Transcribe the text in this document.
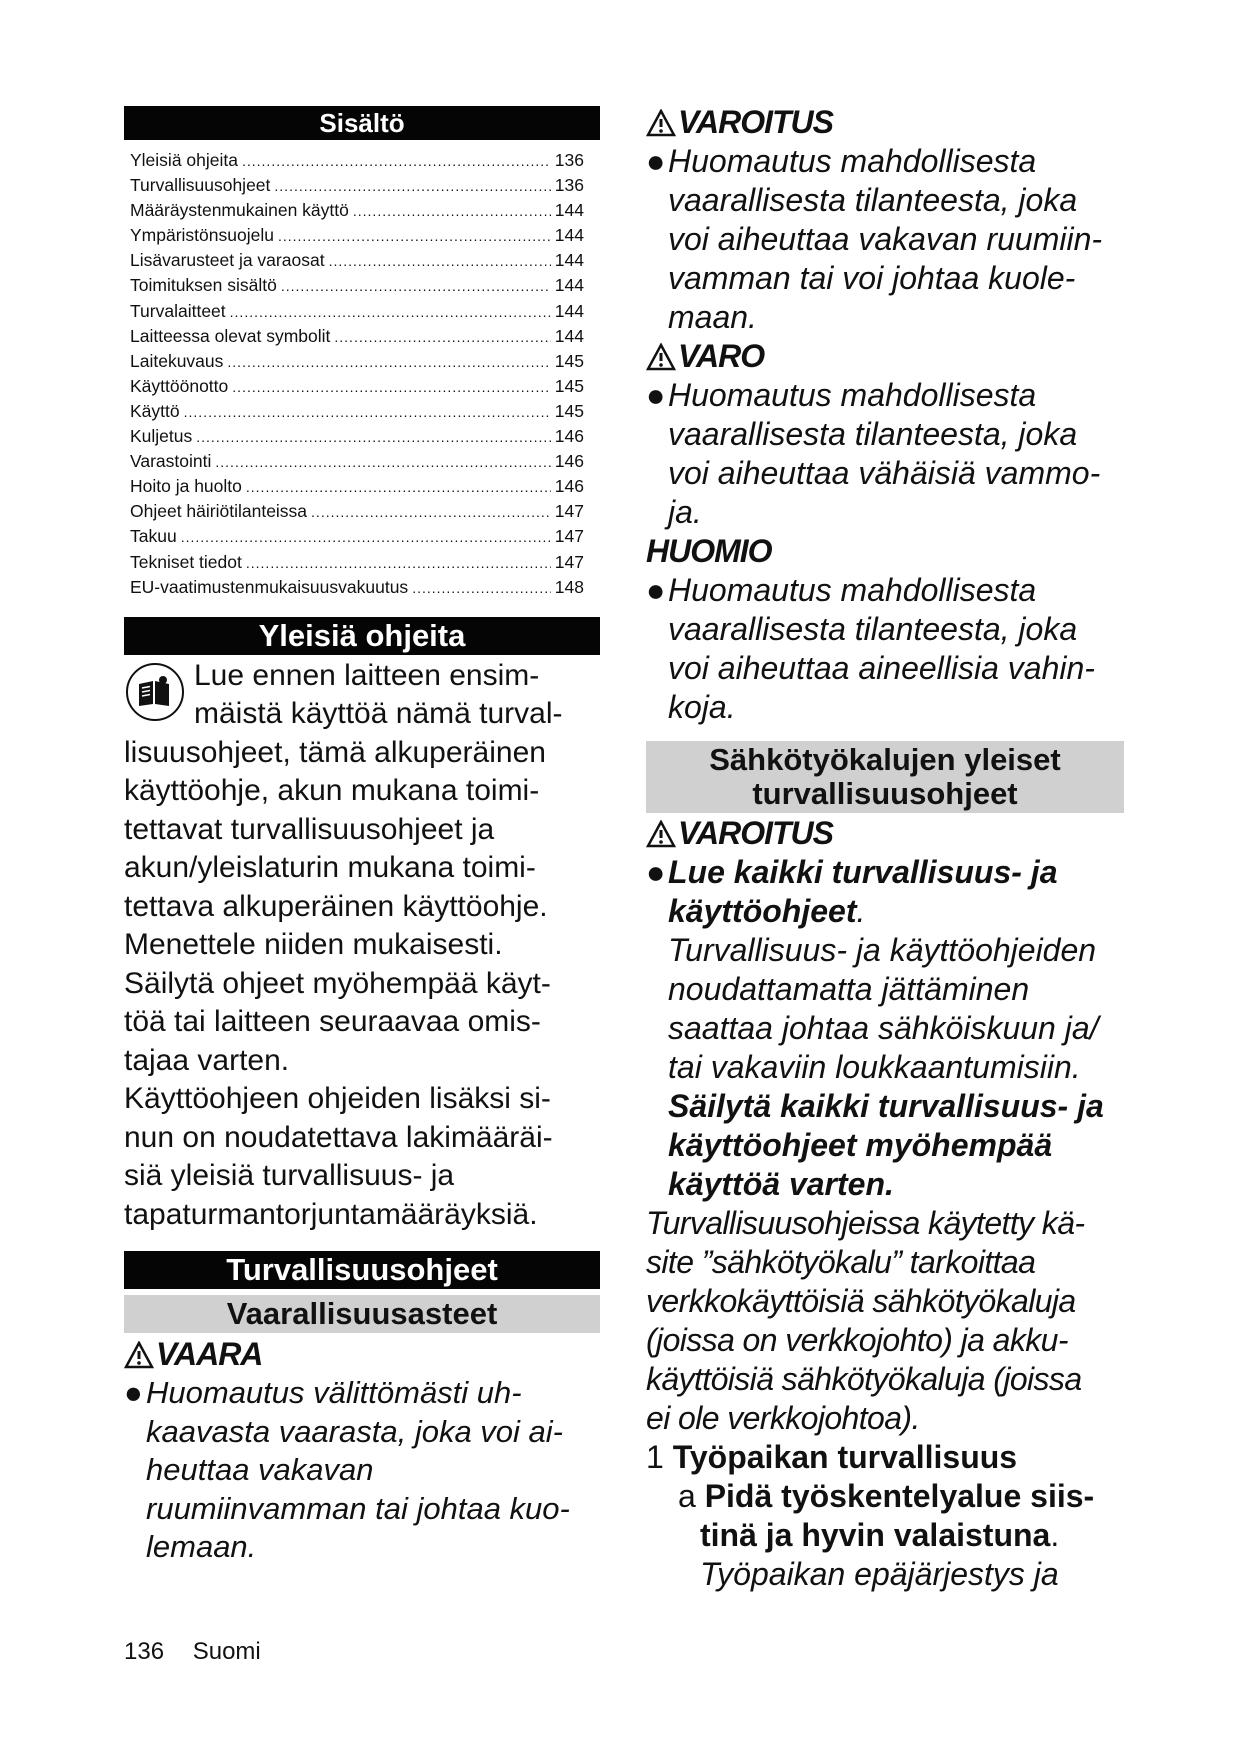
Sisältö
Yleisiä ohjeita .....	136
Turvallisuusohjeet .....	136
Määräystenmukainen käyttö .....	144
Ympäristönsuojelu .....	144
Lisävarusteet ja varaosat .....	144
Toimituksen sisältö .....	144
Turvalaitteet .....	144
Laitteessa olevat symbolit .....	144
Laitekuvaus .....	145
Käyttöönotto .....	145
Käyttö .....	145
Kuljetus .....	146
Varastointi .....	146
Hoito ja huolto .....	146
Ohjeet häiriötilanteissa .....	147
Takuu .....	147
Tekniset tiedot .....	147
EU-vaatimustenmukaisuusvakuutus .....	148
Yleisiä ohjeita
Lue ennen laitteen ensim-
mäistä käyttöä nämä turval-
lisuusohjeet, tämä alkuperäinen
käyttöohje, akun mukana toimi-
tettavat turvallisuusohjeet ja
akun/yleislaturin mukana toimi-
tettava alkuperäinen käyttöohje.
Menettele niiden mukaisesti.
Säilytä ohjeet myöhempää käyt-
töä tai laitteen seuraavaa omis-
tajaa varten.
Käyttöohjeen ohjeiden lisäksi si-
nun on noudatettava lakimääräi-
siä yleisiä turvallisuus- ja
tapaturmantorjuntamääräyksiä.
Turvallisuusohjeet
Vaarallisuusasteet
VAARA
● Huomautus välittömästi uh-
kaavasta vaarasta, joka voi ai-
heuttaa vakavan
ruumiinvamman tai johtaa kuo-
lemaan.
VAROITUS
● Huomautus mahdollisesta
vaarallisesta tilanteesta, joka
voi aiheuttaa vakavan ruumiin-
vamman tai voi johtaa kuole-
maan.
VARO
● Huomautus mahdollisesta
vaarallisesta tilanteesta, joka
voi aiheuttaa vähäisiä vammo-
ja.
HUOMIO
● Huomautus mahdollisesta
vaarallisesta tilanteesta, joka
voi aiheuttaa aineellisia vahin-
koja.
Sähkötyökalujen yleiset
turvallisuusohjeet
VAROITUS
● Lue kaikki turvallisuus- ja
käyttöohjeet.
Turvallisuus- ja käyttöohjeiden
noudattamatta jättäminen
saattaa johtaa sähköiskuun ja/
tai vakaviin loukkaantumisiin.
Säilytä kaikki turvallisuus- ja
käyttöohjeet myöhempää
käyttöä varten.
Turvallisuusohjeissa käytetty kä-
site ”sähkötyökalu” tarkoittaa
verkkokäyttöisiä sähkötyökaluja
(joissa on verkkojohto) ja akku-
käyttöisiä sähkötyökaluja (joissa
ei ole verkkojohtoa).
1 Työpaikan turvallisuus
a Pidä työskentelyalue siis-
tinä ja hyvin valaistuna.
Työpaikan epäjärjestys ja
136 Suomi
